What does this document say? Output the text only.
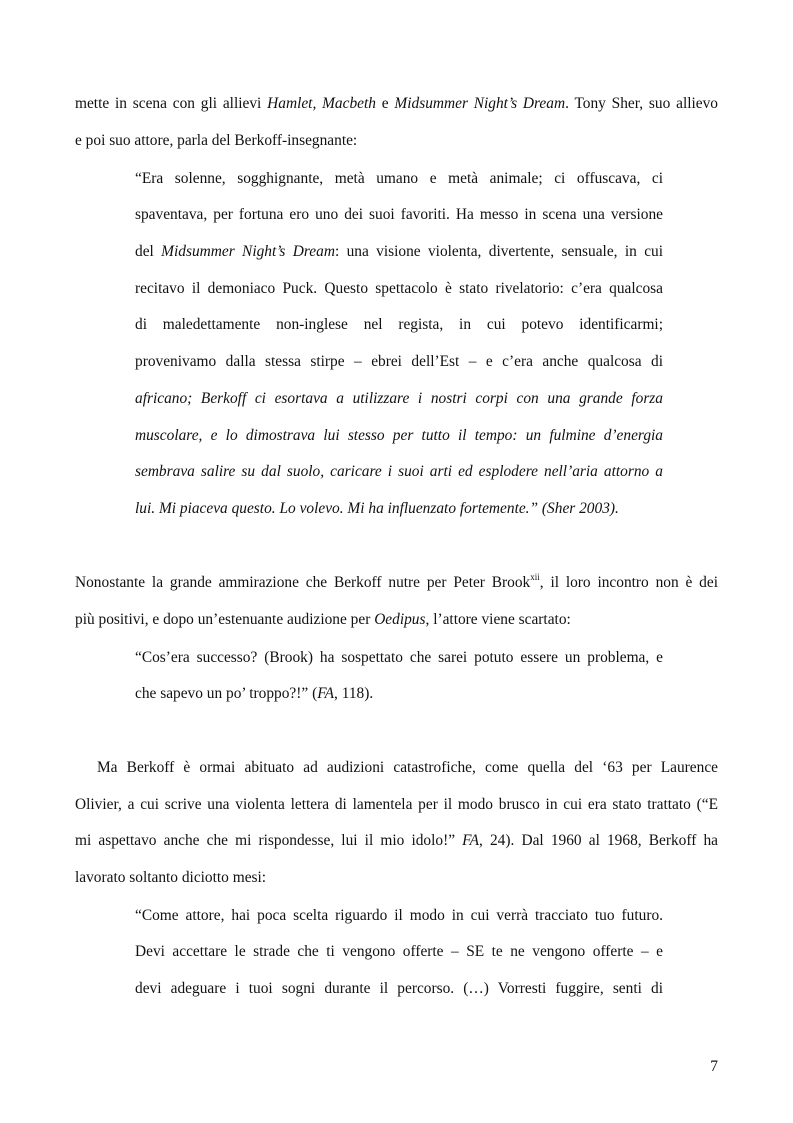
mette in scena con gli allievi Hamlet, Macbeth e Midsummer Night’s Dream. Tony Sher, suo allievo
e poi suo attore, parla del Berkoff-insegnante:
“Era solenne, sogghignante, metà umano e metà animale; ci offuscava, ci
spaventava, per fortuna ero uno dei suoi favoriti. Ha messo in scena una versione
del Midsummer Night’s Dream: una visione violenta, divertente, sensuale, in cui
recitavo il demoniaco Puck. Questo spettacolo è stato rivelatorio: c’era qualcosa
di maledettamente non-inglese nel regista, in cui potevo identificarmi;
provenivamo dalla stessa stirpe – ebrei dell’Est – e c’era anche qualcosa di
africano; Berkoff ci esortava a utilizzare i nostri corpi con una grande forza
muscolare, e lo dimostrava lui stesso per tutto il tempo: un fulmine d’energia
sembrava salire su dal suolo, caricare i suoi arti ed esplodere nell’aria attorno a
lui. Mi piaceva questo. Lo volevo. Mi ha influenzato fortemente.” (Sher 2003).
Nonostante la grande ammirazione che Berkoff nutre per Peter Brook$^{xii}$, il loro incontro non è dei
più positivi, e dopo un’estenuante audizione per Oedipus, l’attore viene scartato:
“Cos’era successo? (Brook) ha sospettato che sarei potuto essere un problema, e
che sapevo un po’ troppo?!” (FA, 118).
Ma Berkoff è ormai abituato ad audizioni catastrofiche, come quella del ‘63 per Laurence
Olivier, a cui scrive una violenta lettera di lamentela per il modo brusco in cui era stato trattato (“E
mi aspettavo anche che mi rispondesse, lui il mio idolo!” FA, 24). Dal 1960 al 1968, Berkoff ha
lavorato soltanto diciotto mesi:
“Come attore, hai poca scelta riguardo il modo in cui verrà tracciato tuo futuro.
Devi accettare le strade che ti vengono offerte – SE te ne vengono offerte – e
devi adeguare i tuoi sogni durante il percorso. (…) Vorresti fuggire, senti di
7
